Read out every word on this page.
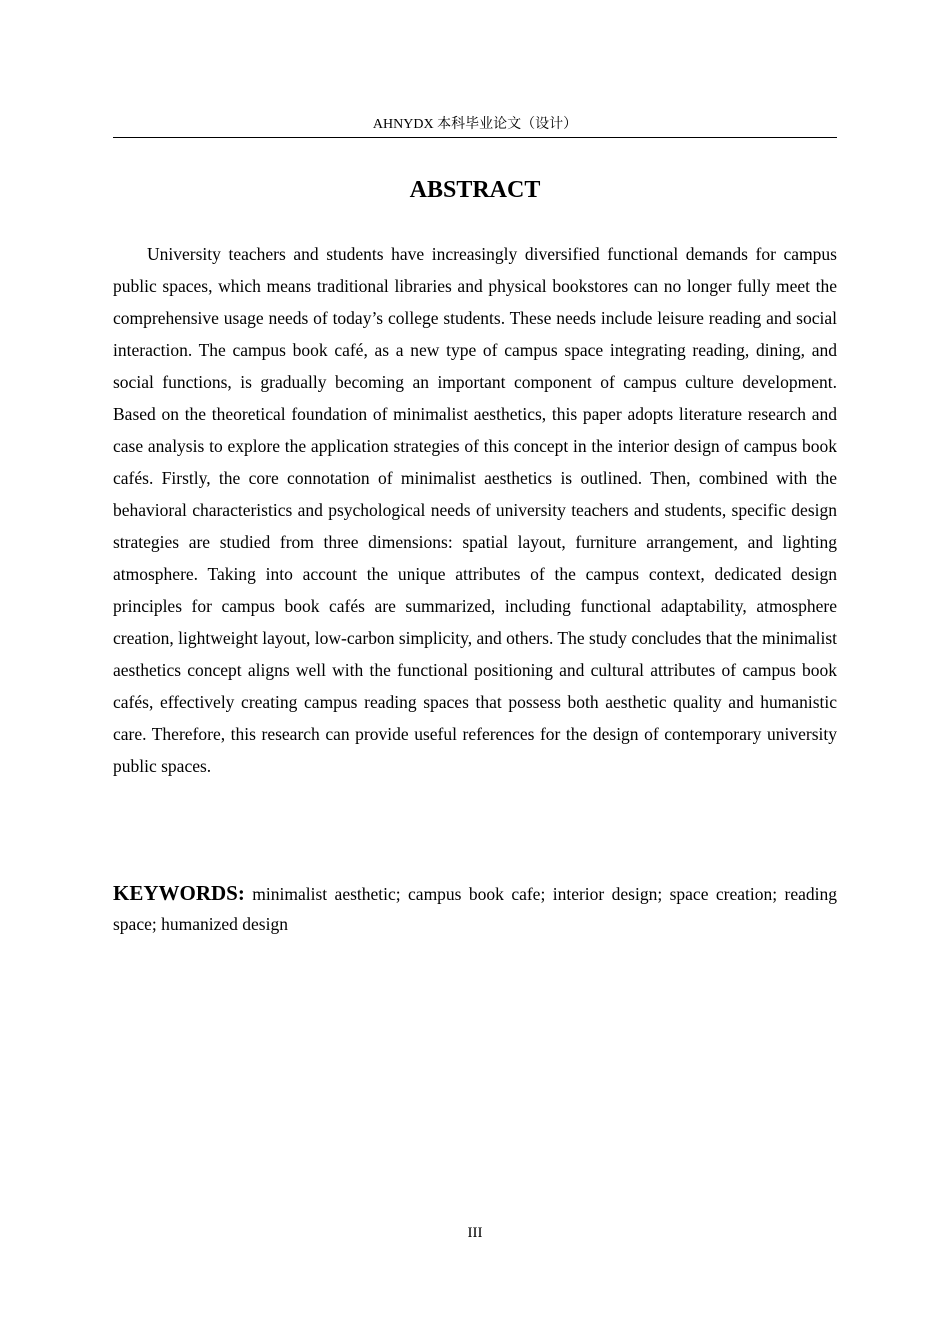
AHNYDX 本科毕业论文（设计）
ABSTRACT

University teachers and students have increasingly diversified functional demands for campus public spaces, which means traditional libraries and physical bookstores can no longer fully meet the comprehensive usage needs of today’s college students. These needs include leisure reading and social interaction. The campus book café, as a new type of campus space integrating reading, dining, and social functions, is gradually becoming an important component of campus culture development. Based on the theoretical foundation of minimalist aesthetics, this paper adopts literature research and case analysis to explore the application strategies of this concept in the interior design of campus book cafés. Firstly, the core connotation of minimalist aesthetics is outlined. Then, combined with the behavioral characteristics and psychological needs of university teachers and students, specific design strategies are studied from three dimensions: spatial layout, furniture arrangement, and lighting atmosphere. Taking into account the unique attributes of the campus context, dedicated design principles for campus book cafés are summarized, including functional adaptability, atmosphere creation, lightweight layout, low-carbon simplicity, and others. The study concludes that the minimalist aesthetics concept aligns well with the functional positioning and cultural attributes of campus book cafés, effectively creating campus reading spaces that possess both aesthetic quality and humanistic care. Therefore, this research can provide useful references for the design of contemporary university public spaces.

KEYWORDS: minimalist aesthetic; campus book cafe; interior design; space creation; reading space; humanized design

III
